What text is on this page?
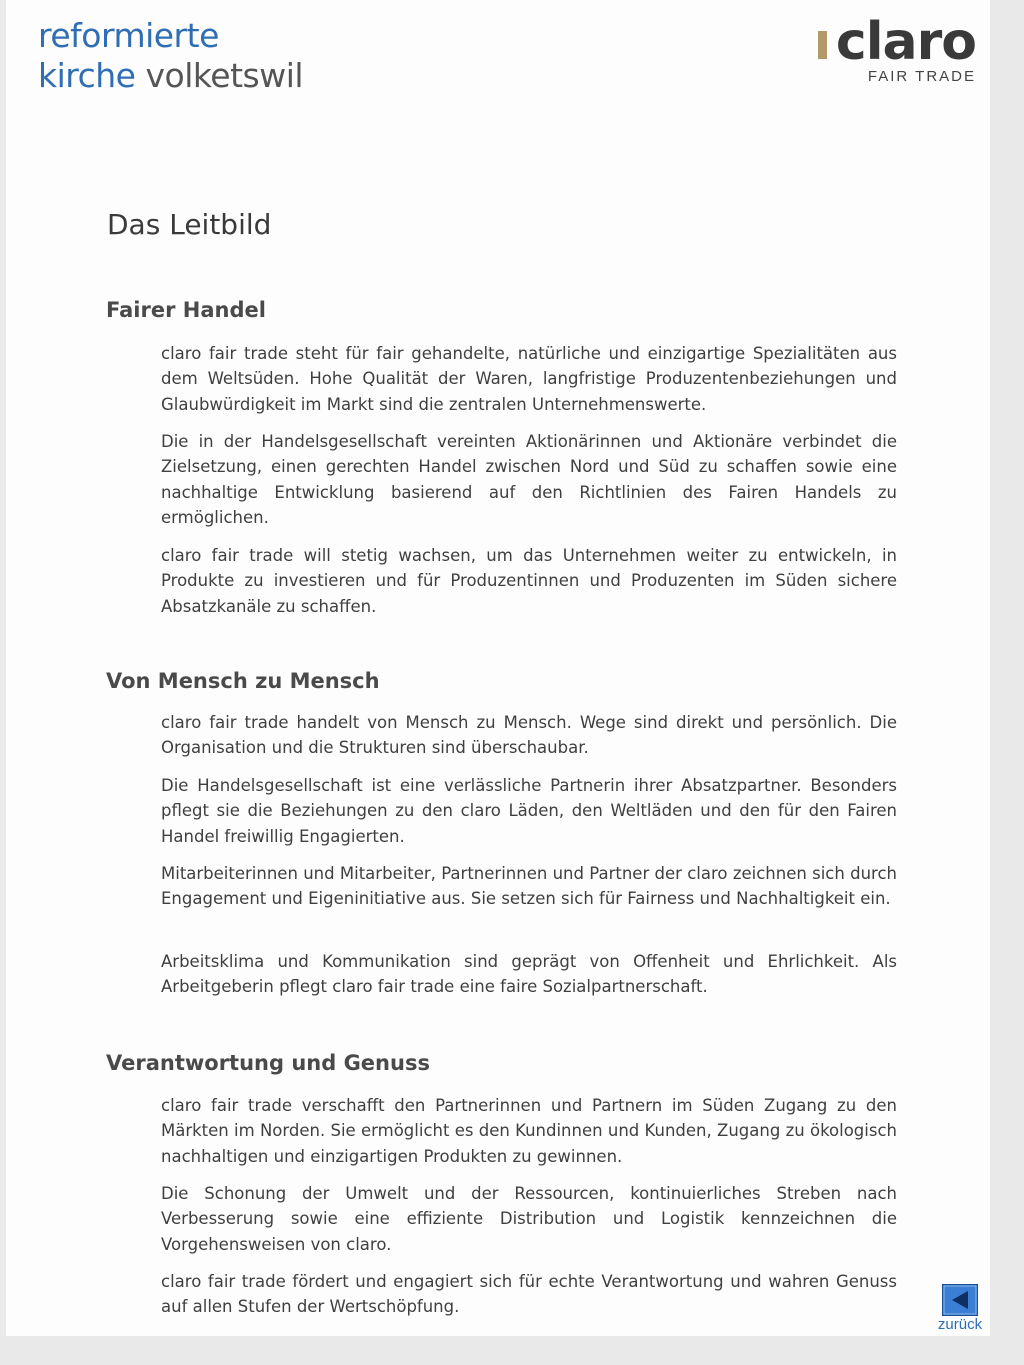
reformierte
kirche volketswil
claro
FAIR TRADE
Das Leitbild
Fairer Handel

claro fair trade steht für fair gehandelte, natürliche und einzigartige Spezialitäten aus dem Weltsüden. Hohe Qualität der Waren, langfristige Produzentenbeziehungen und Glaubwürdigkeit im Markt sind die zentralen Unternehmenswerte.

Die in der Handelsgesellschaft vereinten Aktionärinnen und Aktionäre verbindet die Zielsetzung, einen gerechten Handel zwischen Nord und Süd zu schaffen sowie eine nachhaltige Entwicklung basierend auf den Richtlinien des Fairen Handels zu ermöglichen.

claro fair trade will stetig wachsen, um das Unternehmen weiter zu entwickeln, in Produkte zu investieren und für Produzentinnen und Produzenten im Süden sichere Absatzkanäle zu schaffen.

Von Mensch zu Mensch

claro fair trade handelt von Mensch zu Mensch. Wege sind direkt und persönlich. Die Organisation und die Strukturen sind überschaubar.

Die Handelsgesellschaft ist eine verlässliche Partnerin ihrer Absatzpartner. Besonders pflegt sie die Beziehungen zu den claro Läden, den Weltläden und den für den Fairen Handel freiwillig Engagierten.

Mitarbeiterinnen und Mitarbeiter, Partnerinnen und Partner der claro zeichnen sich durch Engagement und Eigeninitiative aus. Sie setzen sich für Fairness und Nachhaltigkeit ein.

Arbeitsklima und Kommunikation sind geprägt von Offenheit und Ehrlichkeit. Als Arbeitgeberin pflegt claro fair trade eine faire Sozialpartnerschaft.

Verantwortung und Genuss

claro fair trade verschafft den Partnerinnen und Partnern im Süden Zugang zu den Märkten im Norden. Sie ermöglicht es den Kundinnen und Kunden, Zugang zu ökologisch nachhaltigen und einzigartigen Produkten zu gewinnen.

Die Schonung der Umwelt und der Ressourcen, kontinuierliches Streben nach Verbesserung sowie eine effiziente Distribution und Logistik kennzeichnen die Vorgehensweisen von claro.

claro fair trade fördert und engagiert sich für echte Verantwortung und wahren Genuss auf allen Stufen der Wertschöpfung.

zurück
